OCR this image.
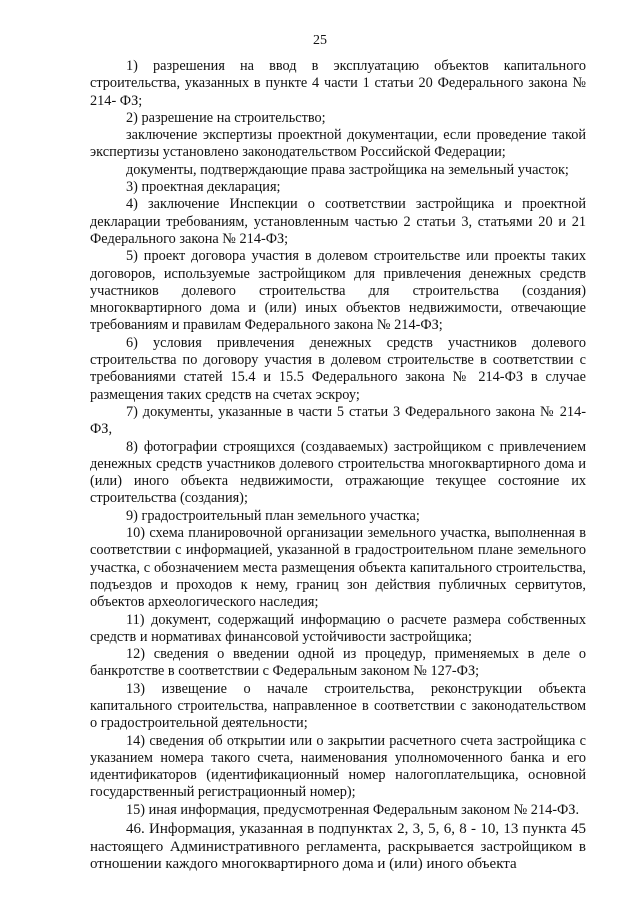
25

1) разрешения на ввод в эксплуатацию объектов капитального строительства, указанных в пункте 4 части 1 статьи 20 Федерального закона № 214- ФЗ;

2) разрешение на строительство;

заключение экспертизы проектной документации, если проведение такой экспертизы установлено законодательством Российской Федерации;

документы, подтверждающие права застройщика на земельный участок;

3) проектная декларация;

4) заключение Инспекции о соответствии застройщика и проектной декларации требованиям, установленным частью 2 статьи 3, статьями 20 и 21 Федерального закона № 214-ФЗ;

5) проект договора участия в долевом строительстве или проекты таких договоров, используемые застройщиком для привлечения денежных средств участников долевого строительства для строительства (создания) многоквартирного дома и (или) иных объектов недвижимости, отвечающие требованиям и правилам Федерального закона № 214-ФЗ;

6) условия привлечения денежных средств участников долевого строительства по договору участия в долевом строительстве в соответствии с требованиями статей 15.4 и 15.5 Федерального закона № 214-ФЗ в случае размещения таких средств на счетах эскроу;

7) документы, указанные в части 5 статьи 3 Федерального закона № 214-ФЗ,

8) фотографии строящихся (создаваемых) застройщиком с привлечением денежных средств участников долевого строительства многоквартирного дома и (или) иного объекта недвижимости, отражающие текущее состояние их строительства (создания);

9) градостроительный план земельного участка;

10) схема планировочной организации земельного участка, выполненная в соответствии с информацией, указанной в градостроительном плане земельного участка, с обозначением места размещения объекта капитального строительства, подъездов и проходов к нему, границ зон действия публичных сервитутов, объектов археологического наследия;

11) документ, содержащий информацию о расчете размера собственных средств и нормативах финансовой устойчивости застройщика;

12) сведения о введении одной из процедур, применяемых в деле о банкротстве в соответствии с Федеральным законом № 127-ФЗ;

13) извещение о начале строительства, реконструкции объекта капитального строительства, направленное в соответствии с законодательством о градостроительной деятельности;

14) сведения об открытии или о закрытии расчетного счета застройщика с указанием номера такого счета, наименования уполномоченного банка и его идентификаторов (идентификационный номер налогоплательщика, основной государственный регистрационный номер);

15) иная информация, предусмотренная Федеральным законом № 214-ФЗ.

46. Информация, указанная в подпунктах 2, 3, 5, 6, 8 - 10, 13 пункта 45 настоящего Административного регламента, раскрывается застройщиком в отношении каждого многоквартирного дома и (или) иного объекта
